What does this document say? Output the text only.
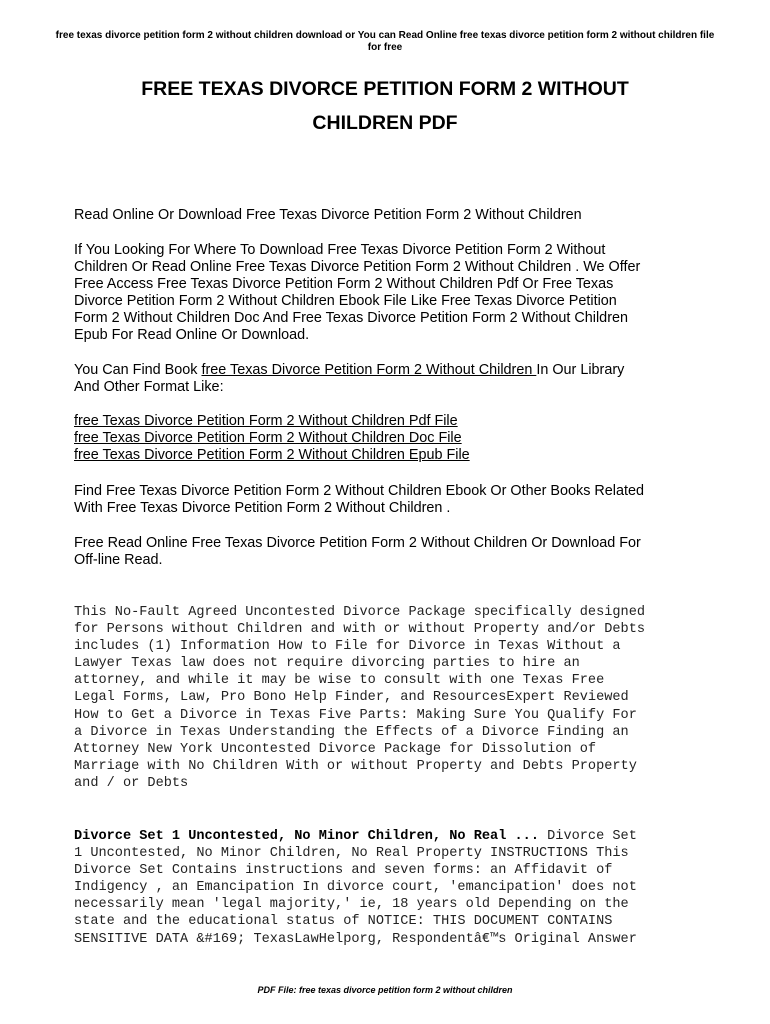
free texas divorce petition form 2 without children download or You can Read Online free texas divorce petition form 2 without children file
for free
FREE TEXAS DIVORCE PETITION FORM 2 WITHOUT
CHILDREN PDF

Read Online Or Download Free Texas Divorce Petition Form 2 Without Children

If You Looking For Where To Download Free Texas Divorce Petition Form 2 Without
Children Or Read Online Free Texas Divorce Petition Form 2 Without Children . We Offer
Free Access Free Texas Divorce Petition Form 2 Without Children Pdf Or Free Texas
Divorce Petition Form 2 Without Children Ebook File Like Free Texas Divorce Petition
Form 2 Without Children Doc And Free Texas Divorce Petition Form 2 Without Children
Epub For Read Online Or Download.

You Can Find Book free Texas Divorce Petition Form 2 Without Children In Our Library
And Other Format Like:

free Texas Divorce Petition Form 2 Without Children Pdf File
free Texas Divorce Petition Form 2 Without Children Doc File
free Texas Divorce Petition Form 2 Without Children Epub File

Find Free Texas Divorce Petition Form 2 Without Children Ebook Or Other Books Related
With Free Texas Divorce Petition Form 2 Without Children .

Free Read Online Free Texas Divorce Petition Form 2 Without Children Or Download For
Off-line Read.

This No-Fault Agreed Uncontested Divorce Package specifically designed
for Persons without Children and with or without Property and/or Debts
includes (1) Information How to File for Divorce in Texas Without a
Lawyer Texas law does not require divorcing parties to hire an
attorney, and while it may be wise to consult with one Texas Free
Legal Forms, Law, Pro Bono Help Finder, and ResourcesExpert Reviewed
How to Get a Divorce in Texas Five Parts: Making Sure You Qualify For
a Divorce in Texas Understanding the Effects of a Divorce Finding an
Attorney New York Uncontested Divorce Package for Dissolution of
Marriage with No Children With or without Property and Debts Property
and / or Debts

Divorce Set 1 Uncontested, No Minor Children, No Real ... Divorce Set
1 Uncontested, No Minor Children, No Real Property INSTRUCTIONS This
Divorce Set Contains instructions and seven forms: an Affidavit of
Indigency , an Emancipation In divorce court, 'emancipation' does not
necessarily mean 'legal majority,' ie, 18 years old Depending on the
state and the educational status of NOTICE: THIS DOCUMENT CONTAINS
SENSITIVE DATA &#169; TexasLawHelporg, Respondentâ€™s Original Answer

PDF File: free texas divorce petition form 2 without children
